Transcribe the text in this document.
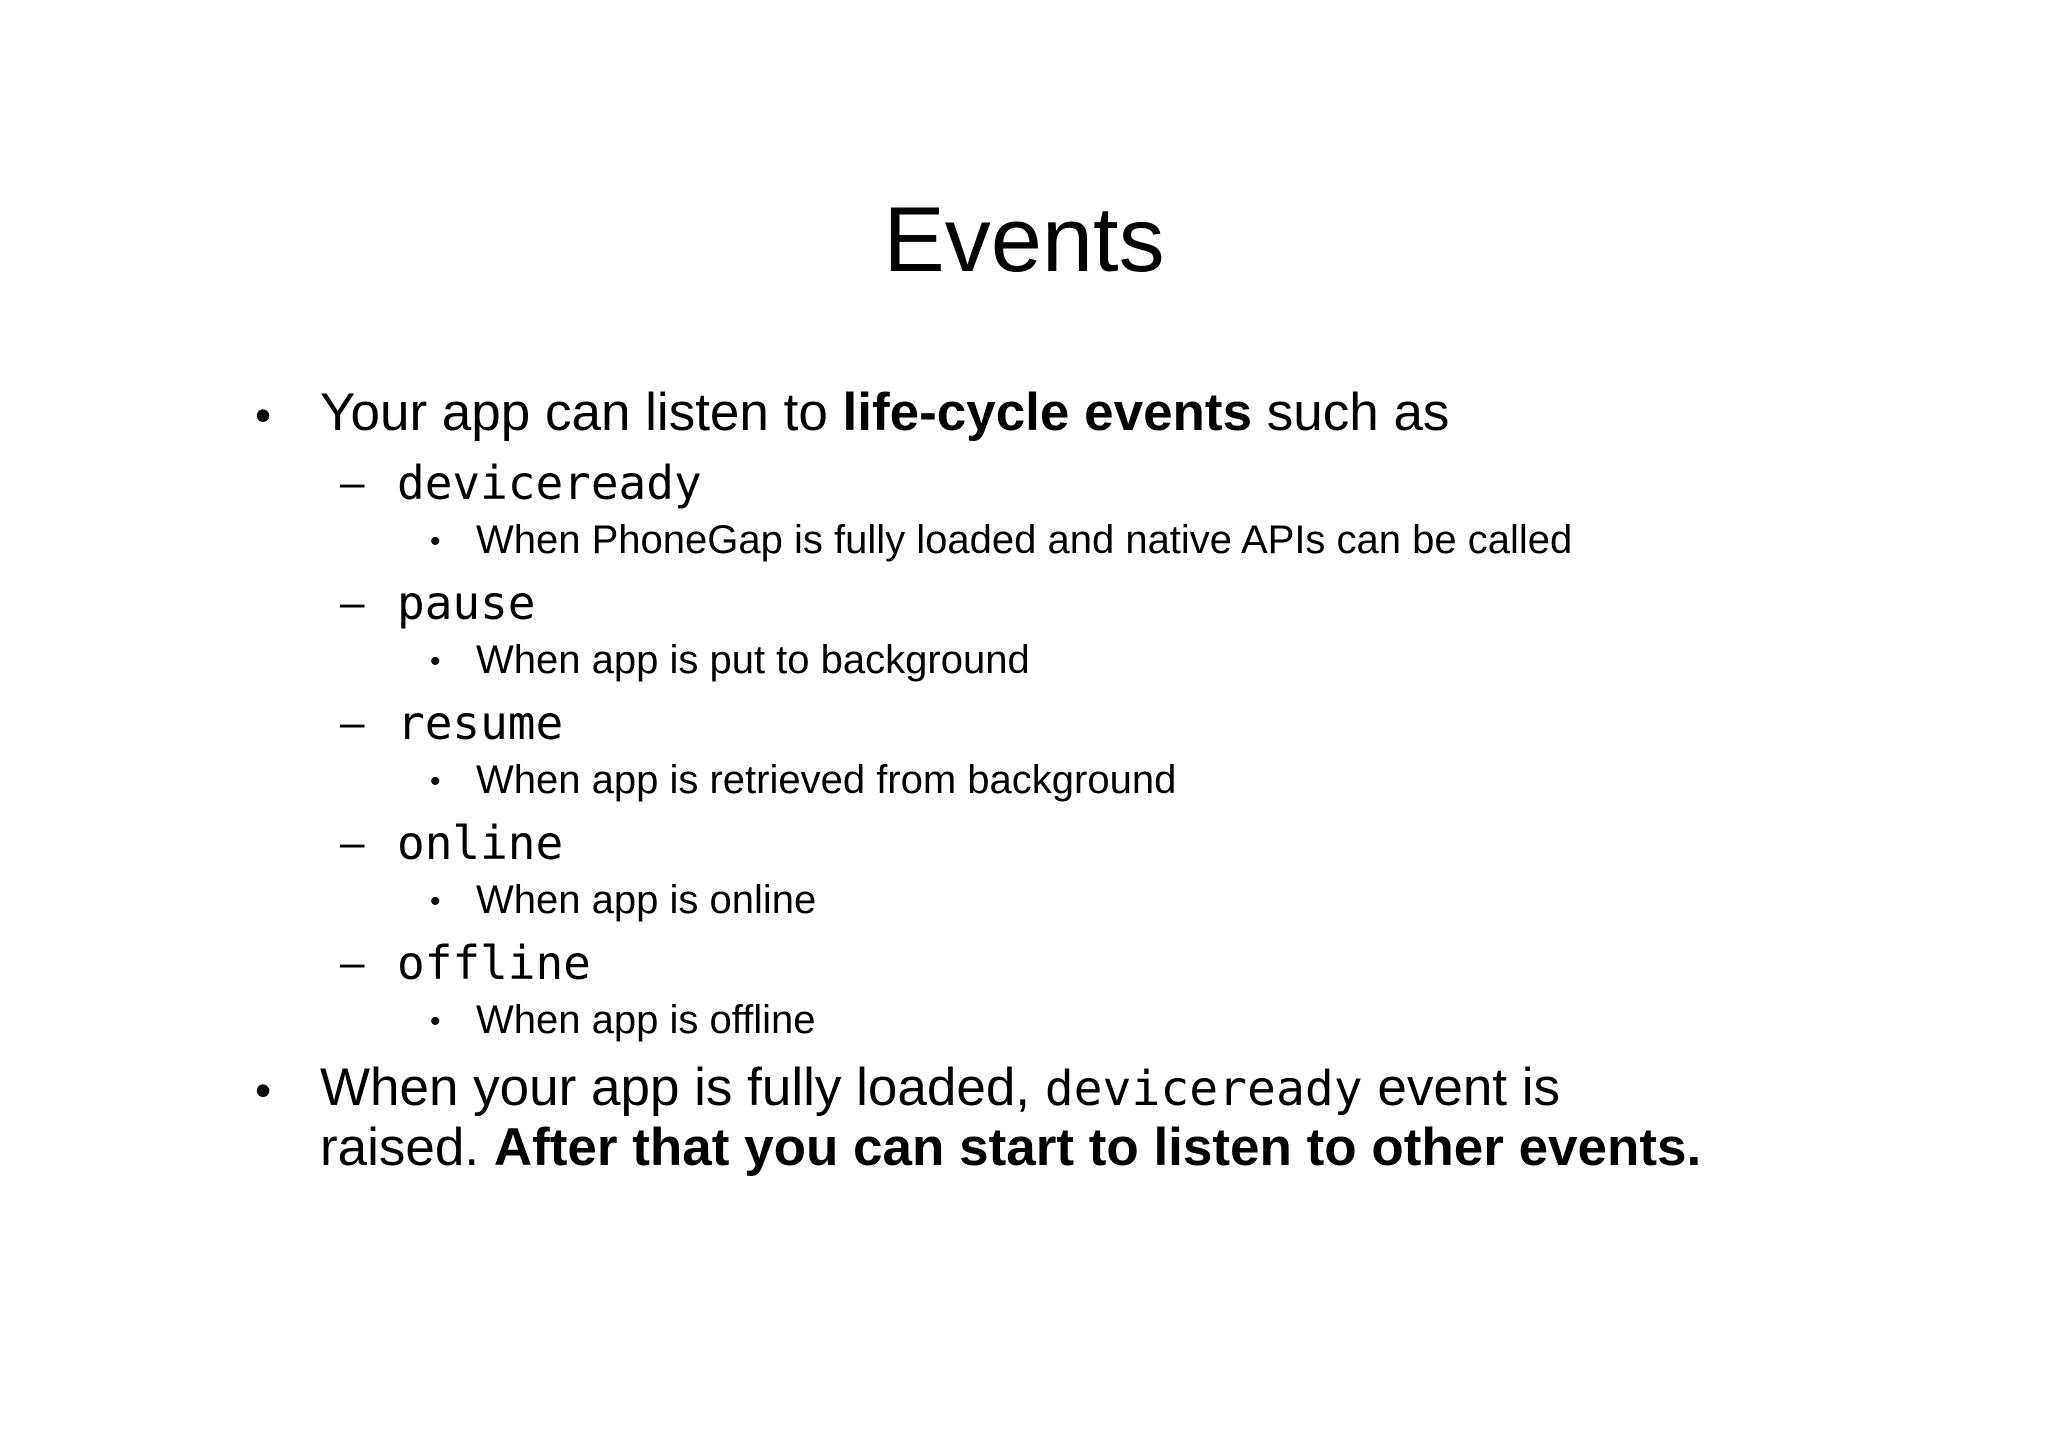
Events
• Your app can listen to life-cycle events such as
– deviceready
• When PhoneGap is fully loaded and native APIs can be called
– pause
• When app is put to background
– resume
• When app is retrieved from background
– online
• When app is online
– offline
• When app is offline
• When your app is fully loaded, deviceready event is
raised. After that you can start to listen to other events.
